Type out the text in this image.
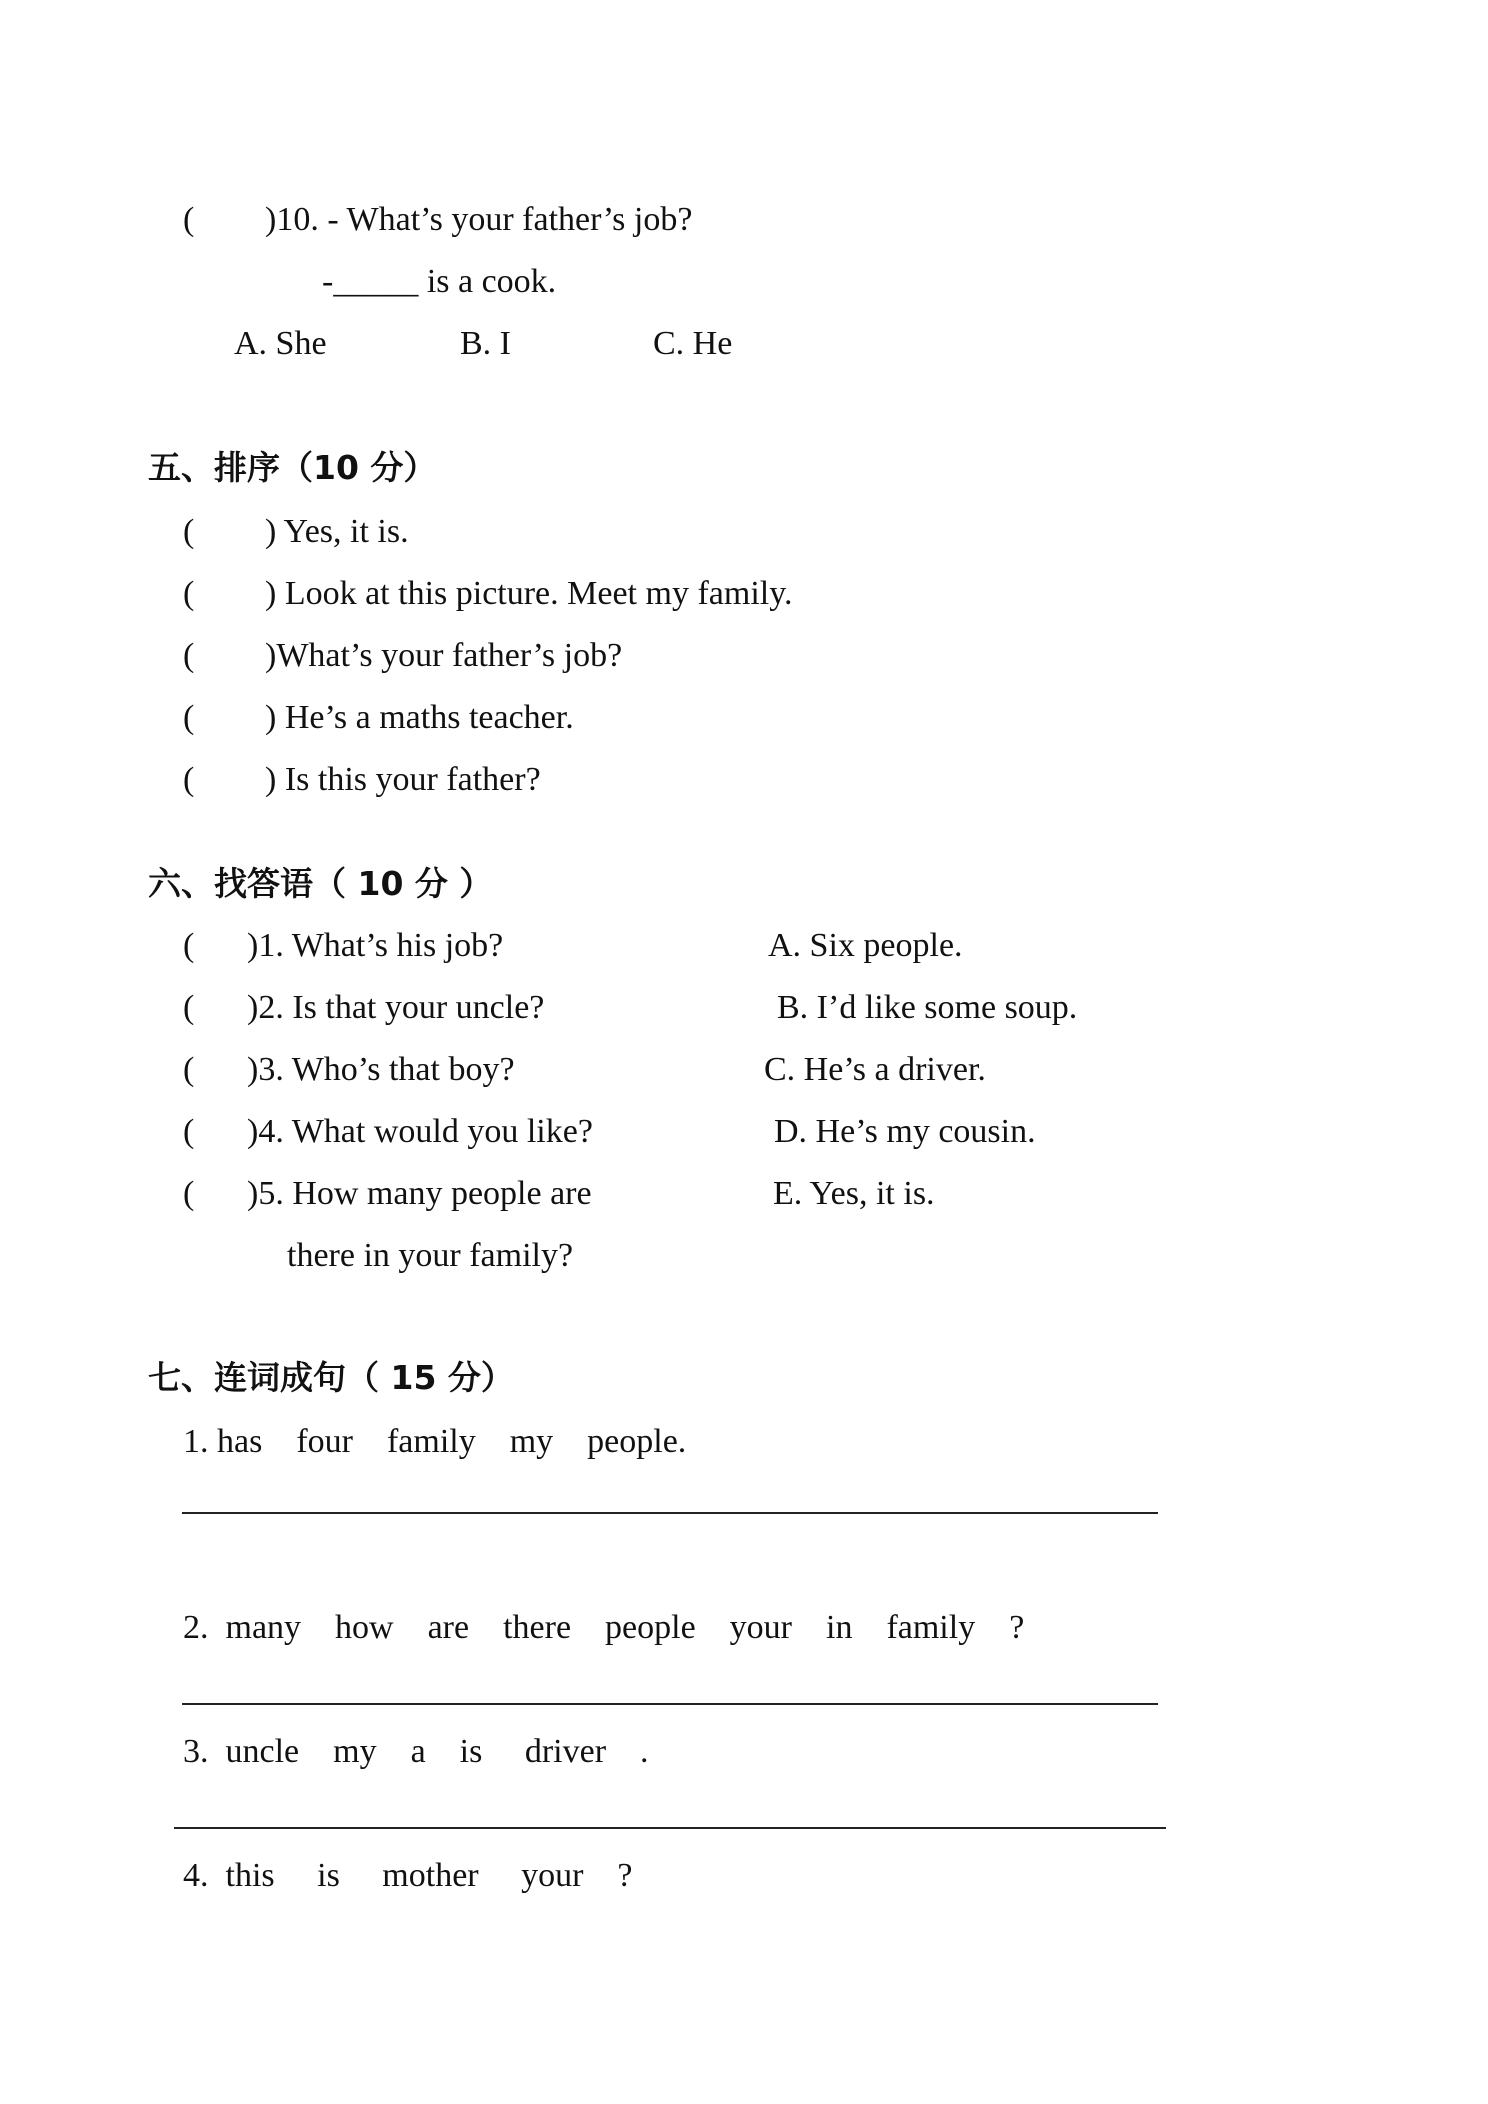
( )10. - What’s your father’s job?
-_____ is a cook.
A. She	B. I	C. He
五、排序（10 分）
( ) Yes, it is.
( ) Look at this picture. Meet my family.
( )What’s your father’s job?
( ) He’s a maths teacher.
( ) Is this your father?
六、找答语（ 10 分 ）
( )1. What’s his job?	A. Six people.
( )2. Is that your uncle?	B. I’d like some soup.
( )3. Who’s that boy?	C. He’s a driver.
( )4. What would you like?	D. He’s my cousin.
( )5. How many people are	E. Yes, it is.
there in your family?
七、连词成句（ 15 分）
1. has    four    family    my    people.
2.  many    how    are    there    people    your    in    family    ?
3.  uncle    my    a    is     driver    .
4.  this     is     mother     your    ?
